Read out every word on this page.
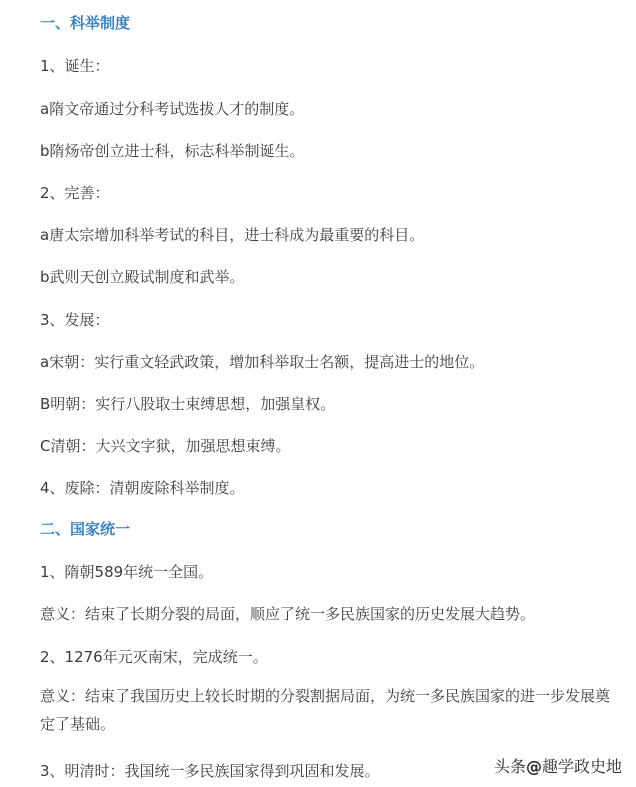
一、科举制度

1、诞生：

a隋文帝通过分科考试选拔人才的制度。

b隋炀帝创立进士科，标志科举制诞生。

2、完善：

a唐太宗增加科举考试的科目，进士科成为最重要的科目。

b武则天创立殿试制度和武举。

3、发展：

a宋朝：实行重文轻武政策，增加科举取士名额，提高进士的地位。

B明朝：实行八股取士束缚思想，加强皇权。

C清朝：大兴文字狱，加强思想束缚。

4、废除：清朝废除科举制度。

二、国家统一

1、隋朝589年统一全国。

意义：结束了长期分裂的局面，顺应了统一多民族国家的历史发展大趋势。

2、1276年元灭南宋，完成统一。

意义：结束了我国历史上较长时期的分裂割据局面，为统一多民族国家的进一步发展奠定了基础。

3、明清时：我国统一多民族国家得到巩固和发展。	头条@趣学政史地
